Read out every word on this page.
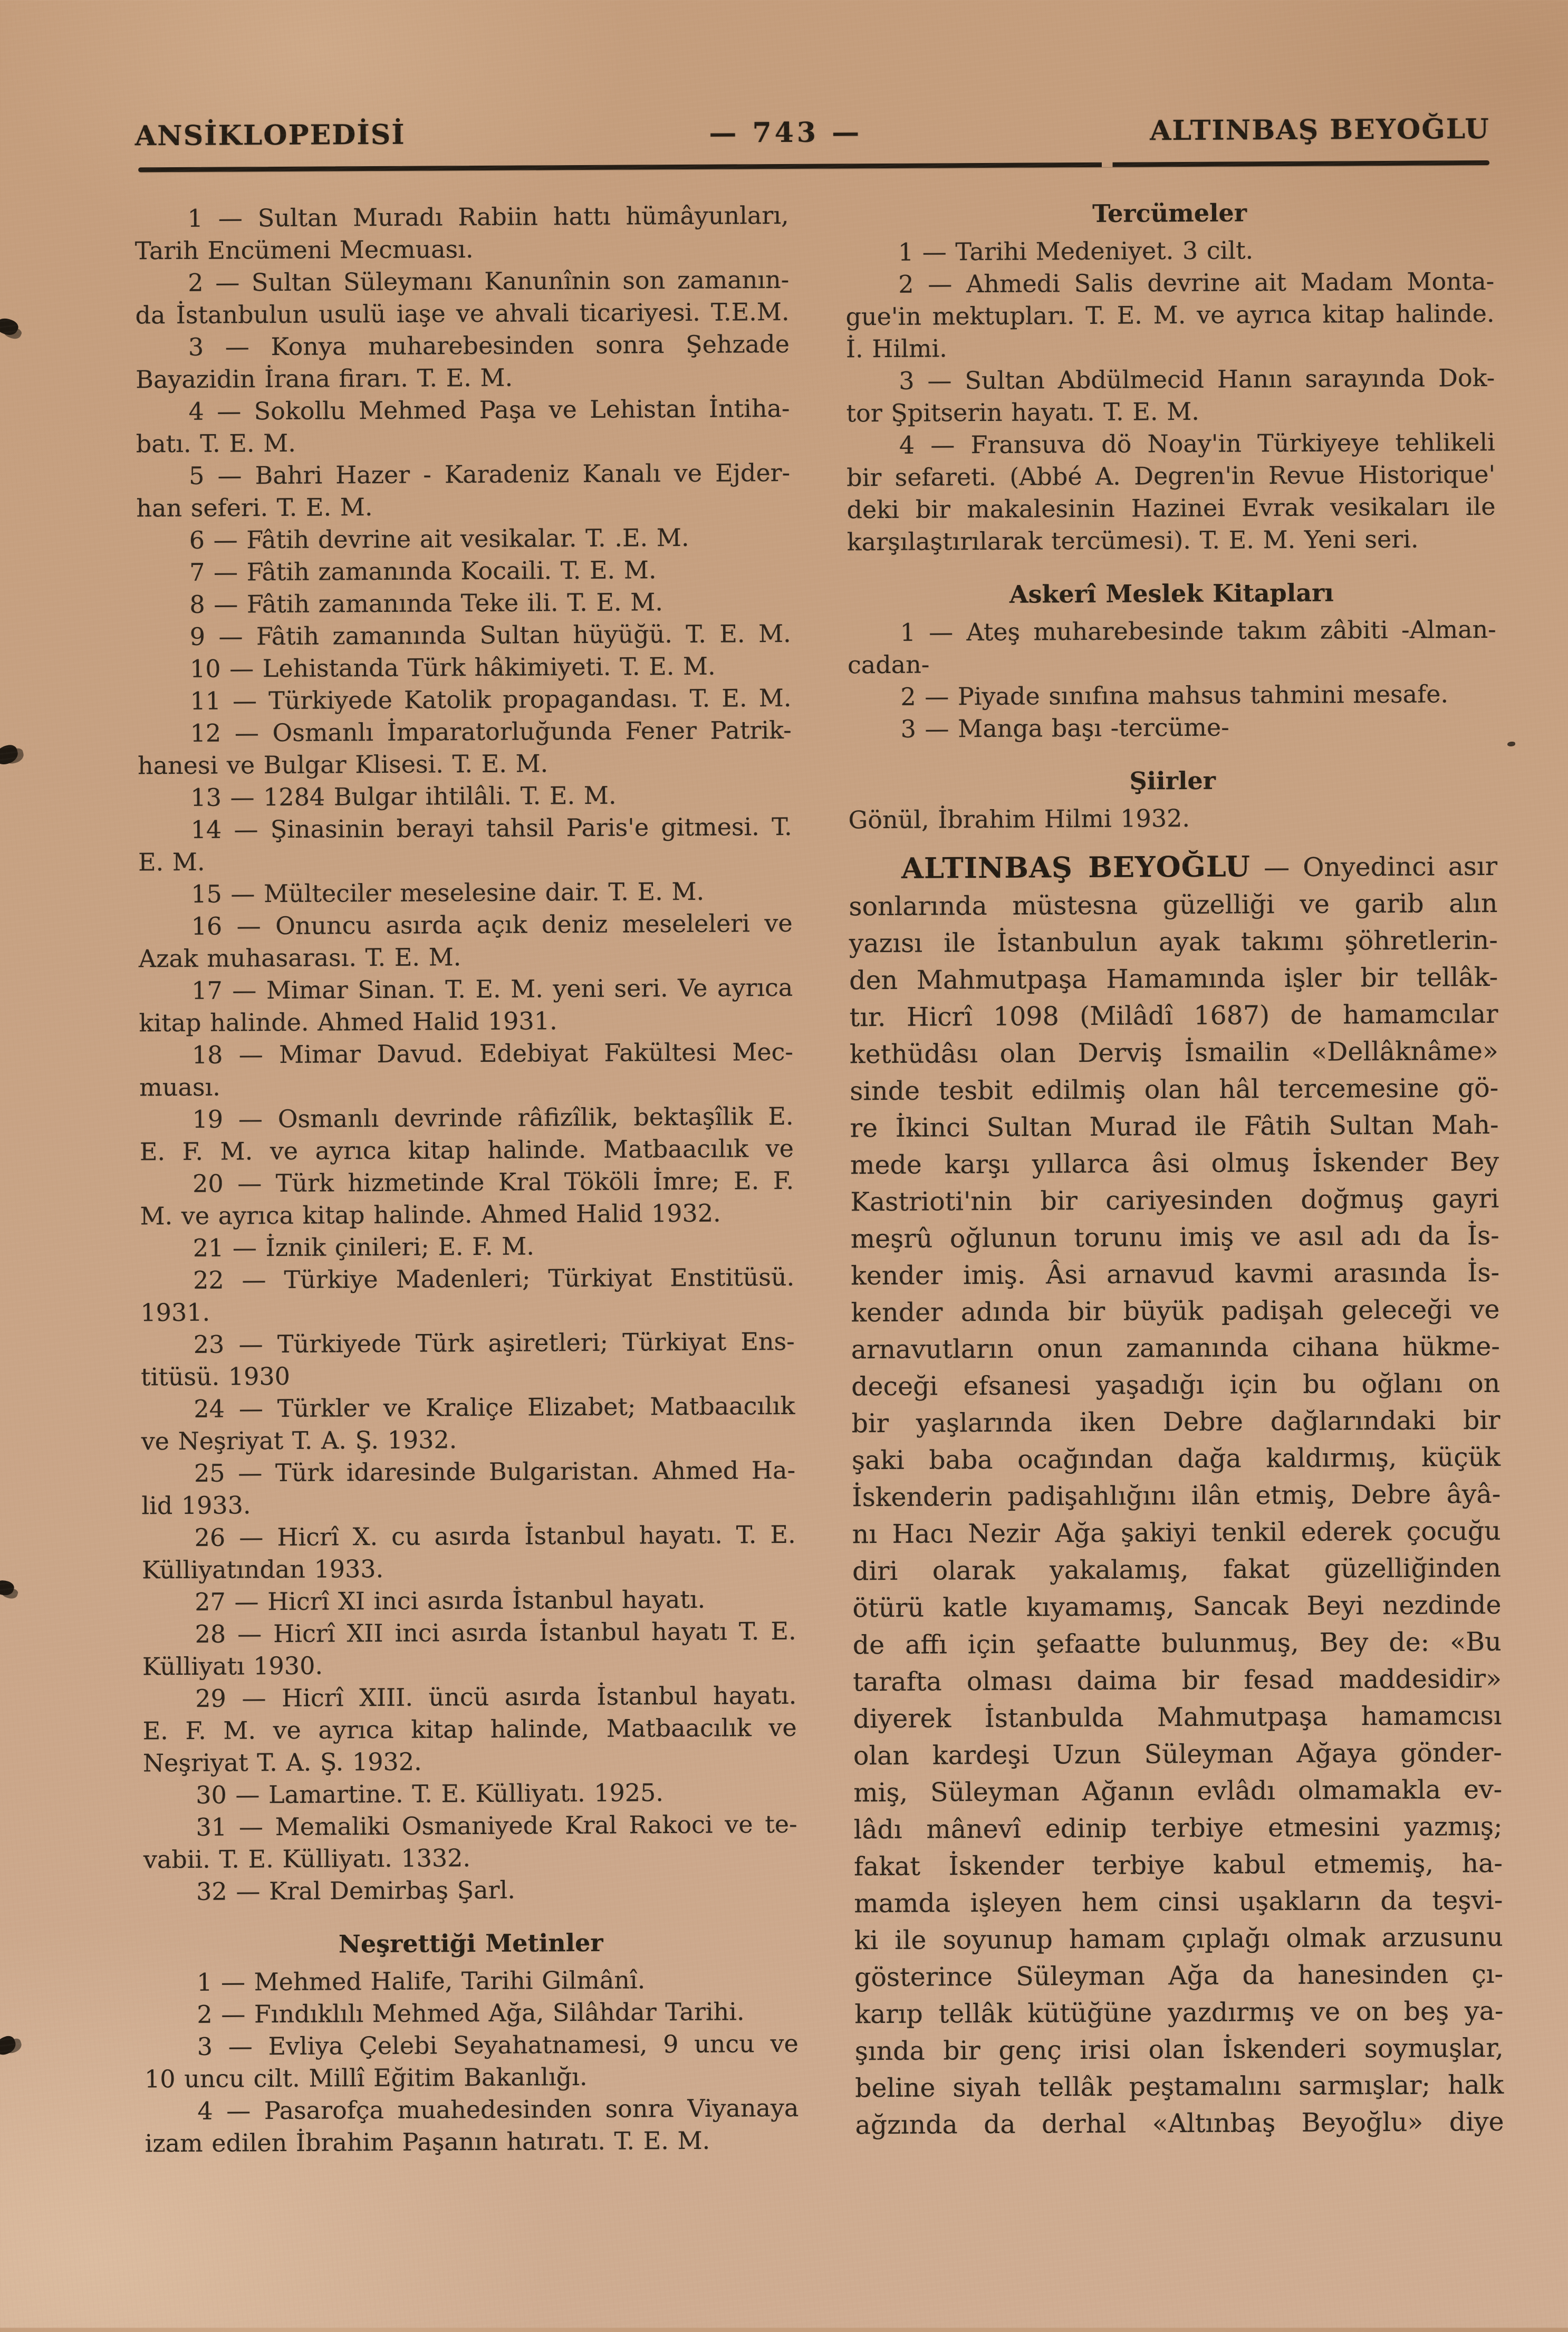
ANSİKLOPEDİSİ	— 743 —	ALTINBAŞ BEYOĞLU
1 — Sultan Muradı Rabiin hattı hümâyunları,
Tarih Encümeni Mecmuası.
2 — Sultan Süleymanı Kanunînin son zamanın-
da İstanbulun usulü iaşe ve ahvali ticariyesi. T.E.M.
3 — Konya muharebesinden sonra Şehzade
Bayazidin İrana firarı. T. E. M.
4 — Sokollu Mehmed Paşa ve Lehistan İntiha-
batı. T. E. M.
5 — Bahri Hazer - Karadeniz Kanalı ve Ejder-
han seferi. T. E. M.
6 — Fâtih devrine ait vesikalar. T. .E. M.
7 — Fâtih zamanında Kocaili. T. E. M.
8 — Fâtih zamanında Teke ili. T. E. M.
9 — Fâtih zamanında Sultan hüyüğü. T. E. M.
10 — Lehistanda Türk hâkimiyeti. T. E. M.
11 — Türkiyede Katolik propagandası. T. E. M.
12 — Osmanlı İmparatorluğunda Fener Patrik-
hanesi ve Bulgar Klisesi. T. E. M.
13 — 1284 Bulgar ihtilâli. T. E. M.
14 — Şinasinin berayi tahsil Paris'e gitmesi. T.
E. M.
15 — Mülteciler meselesine dair. T. E. M.
16 — Onuncu asırda açık deniz meseleleri ve
Azak muhasarası. T. E. M.
17 — Mimar Sinan. T. E. M. yeni seri. Ve ayrıca
kitap halinde. Ahmed Halid 1931.
18 — Mimar Davud. Edebiyat Fakültesi Mec-
muası.
19 — Osmanlı devrinde râfizîlik, bektaşîlik E.
E. F. M. ve ayrıca kitap halinde. Matbaacılık ve
20 — Türk hizmetinde Kral Tököli İmre; E. F.
M. ve ayrıca kitap halinde. Ahmed Halid 1932.
21 — İznik çinileri; E. F. M.
22 — Türkiye Madenleri; Türkiyat Enstitüsü.
1931.
23 — Türkiyede Türk aşiretleri; Türkiyat Ens-
titüsü. 1930
24 — Türkler ve Kraliçe Elizabet; Matbaacılık
ve Neşriyat T. A. Ş. 1932.
25 — Türk idaresinde Bulgaristan. Ahmed Ha-
lid 1933.
26 — Hicrî X. cu asırda İstanbul hayatı. T. E.
Külliyatından 1933.
27 — Hicrî XI inci asırda İstanbul hayatı.
28 — Hicrî XII inci asırda İstanbul hayatı T. E.
Külliyatı 1930.
29 — Hicrî XIII. üncü asırda İstanbul hayatı.
E. F. M. ve ayrıca kitap halinde, Matbaacılık ve
Neşriyat T. A. Ş. 1932.
30 — Lamartine. T. E. Külliyatı. 1925.
31 — Memaliki Osmaniyede Kral Rakoci ve te-
vabii. T. E. Külliyatı. 1332.
32 — Kral Demirbaş Şarl.
Neşrettiği Metinler
1 — Mehmed Halife, Tarihi Gilmânî.
2 — Fındıklılı Mehmed Ağa, Silâhdar Tarihi.
3 — Evliya Çelebi Seyahatnamesi, 9 uncu ve
10 uncu cilt. Millî Eğitim Bakanlığı.
4 — Pasarofça muahedesinden sonra Viyanaya
izam edilen İbrahim Paşanın hatıratı. T. E. M.
Tercümeler
1 — Tarihi Medeniyet. 3 cilt.
2 — Ahmedi Salis devrine ait Madam Monta-
gue'in mektupları. T. E. M. ve ayrıca kitap halinde.
İ. Hilmi.
3 — Sultan Abdülmecid Hanın sarayında Dok-
tor Şpitserin hayatı. T. E. M.
4 — Fransuva dö Noay'in Türkiyeye tehlikeli
bir sefareti. (Abbé A. Degren'in Revue Historique'
deki bir makalesinin Hazinei Evrak vesikaları ile
karşılaştırılarak tercümesi). T. E. M. Yeni seri.
Askerî Meslek Kitapları
1 — Ateş muharebesinde takım zâbiti -Alman-
cadan-
2 — Piyade sınıfına mahsus tahmini mesafe.
3 — Manga başı -tercüme-
Şiirler
Gönül, İbrahim Hilmi 1932.
ALTINBAŞ BEYOĞLU — Onyedinci asır
sonlarında müstesna güzelliği ve garib alın
yazısı ile İstanbulun ayak takımı şöhretlerin-
den Mahmutpaşa Hamamında işler bir tellâk-
tır. Hicrî 1098 (Milâdî 1687) de hamamcılar
kethüdâsı olan Derviş İsmailin «Dellâknâme»
sinde tesbit edilmiş olan hâl tercemesine gö-
re İkinci Sultan Murad ile Fâtih Sultan Mah-
mede karşı yıllarca âsi olmuş İskender Bey
Kastrioti'nin bir cariyesinden doğmuş gayri
meşrû oğlunun torunu imiş ve asıl adı da İs-
kender imiş. Âsi arnavud kavmi arasında İs-
kender adında bir büyük padişah geleceği ve
arnavutların onun zamanında cihana hükme-
deceği efsanesi yaşadığı için bu oğlanı on
bir yaşlarında iken Debre dağlarındaki bir
şaki baba ocağından dağa kaldırmış, küçük
İskenderin padişahlığını ilân etmiş, Debre âyâ-
nı Hacı Nezir Ağa şakiyi tenkil ederek çocuğu
diri olarak yakalamış, fakat güzelliğinden
ötürü katle kıyamamış, Sancak Beyi nezdinde
de affı için şefaatte bulunmuş, Bey de: «Bu
tarafta olması daima bir fesad maddesidir»
diyerek İstanbulda Mahmutpaşa hamamcısı
olan kardeşi Uzun Süleyman Ağaya gönder-
miş, Süleyman Ağanın evlâdı olmamakla ev-
lâdı mânevî edinip terbiye etmesini yazmış;
fakat İskender terbiye kabul etmemiş, ha-
mamda işleyen hem cinsi uşakların da teşvi-
ki ile soyunup hamam çıplağı olmak arzusunu
gösterince Süleyman Ağa da hanesinden çı-
karıp tellâk kütüğüne yazdırmış ve on beş ya-
şında bir genç irisi olan İskenderi soymuşlar,
beline siyah tellâk peştamalını sarmışlar; halk
ağzında da derhal «Altınbaş Beyoğlu» diye
